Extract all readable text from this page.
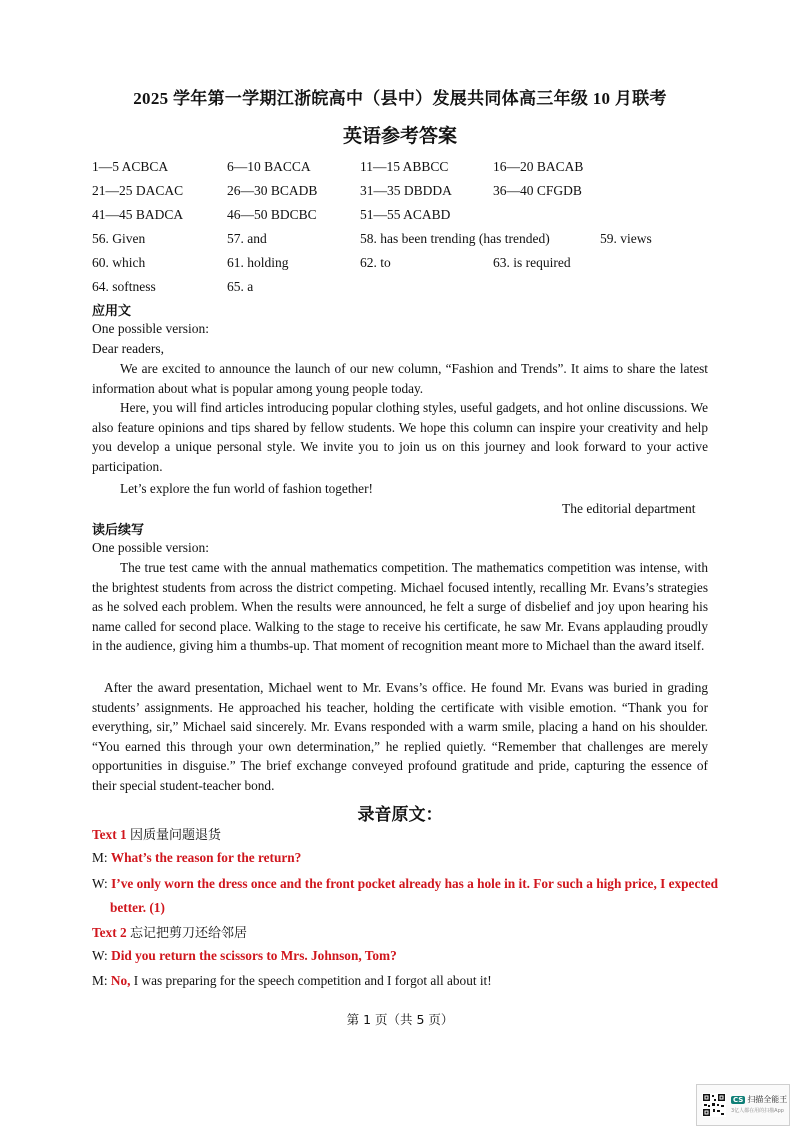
2025 学年第一学期江浙皖高中（县中）发展共同体高三年级 10 月联考
英语参考答案
1—5 ACBCA	6—10 BACCA	11—15 ABBCC	16—20 BACAB
21—25 DACAC	26—30 BCADB	31—35 DBDDA	36—40 CFGDB
41—45 BADCA	46—50 BDCBC	51—55 ACABD
56. Given	57. and	58. has been trending (has trended)	59. views
60. which	61. holding	62. to	63. is required
64. softness	65. a
应用文
One possible version:
Dear readers,

We are excited to announce the launch of our new column, “Fashion and Trends”. It aims to share the latest information about what is popular among young people today.

Here, you will find articles introducing popular clothing styles, useful gadgets, and hot online discussions. We also feature opinions and tips shared by fellow students. We hope this column can inspire your creativity and help you develop a unique personal style. We invite you to join us on this journey and look forward to your active participation.

Let’s explore the fun world of fashion together!

The editorial department
读后续写
One possible version:

The true test came with the annual mathematics competition. The mathematics competition was intense, with the brightest students from across the district competing. Michael focused intently, recalling Mr. Evans’s strategies as he solved each problem. When the results were announced, he felt a surge of disbelief and joy upon hearing his name called for second place. Walking to the stage to receive his certificate, he saw Mr. Evans applauding proudly in the audience, giving him a thumbs-up. That moment of recognition meant more to Michael than the award itself.

After the award presentation, Michael went to Mr. Evans’s office. He found Mr. Evans was buried in grading students’ assignments. He approached his teacher, holding the certificate with visible emotion. “Thank you for everything, sir,” Michael said sincerely. Mr. Evans responded with a warm smile, placing a hand on his shoulder. “You earned this through your own determination,” he replied quietly. “Remember that challenges are merely opportunities in disguise.” The brief exchange conveyed profound gratitude and pride, capturing the essence of their special student-teacher bond.

录音原文：
Text 1 因质量问题退货
M: What’s the reason for the return?
W: I’ve only worn the dress once and the front pocket already has a hole in it. For such a high price, I expected better. (1)
Text 2 忘记把剪刀还给邻居
W: Did you return the scissors to Mrs. Johnson, Tom?
M: No, I was preparing for the speech competition and I forgot all about it!
第 1 页（共 5 页）
CS 扫描全能王
3亿人都在用的扫描App
